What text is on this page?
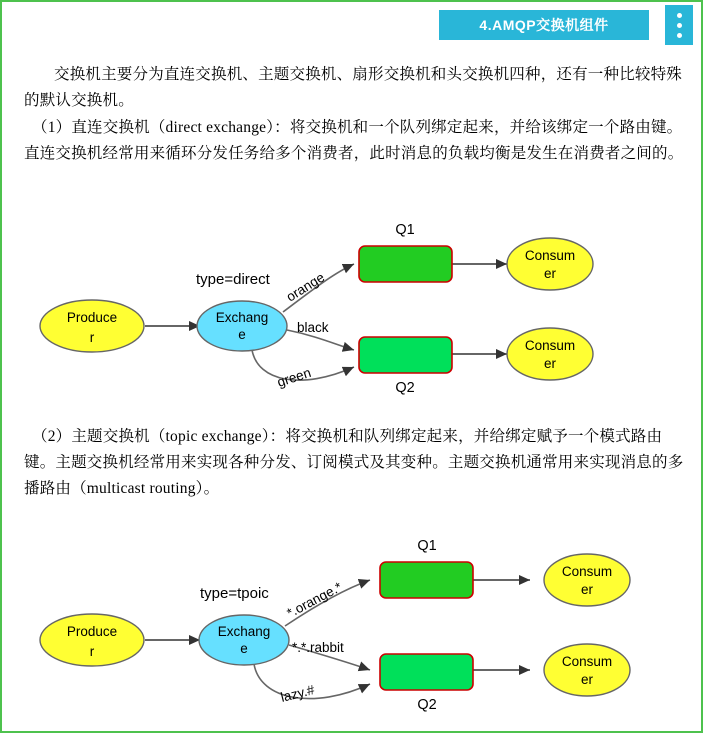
4.AMQP交换机组件
交换机主要分为直连交换机、主题交换机、扇形交换机和头交换机四种，还有一种比较特殊的默认交换机。
（1）直连交换机（direct exchange）：将交换机和一个队列绑定起来，并给该绑定一个路由键。直连交换机经常用来循环分发任务给多个消费者，此时消息的负载均衡是发生在消费者之间的。
（2）主题交换机（topic exchange）：将交换机和队列绑定起来，并给绑定赋予一个模式路由键。主题交换机经常用来实现各种分发、订阅模式及其变种。主题交换机通常用来实现消息的多播路由（multicast routing）。
Produce	Exchang
e
type=direct
Q1
Q2
Consum
er
Consum
er
orange
black
green
r
Produce
r
Exchang
e
type=tpoic
Q1
Q2
Consum
er
Consum
er
*.orange.*
*.*.rabbit
lazy.#
